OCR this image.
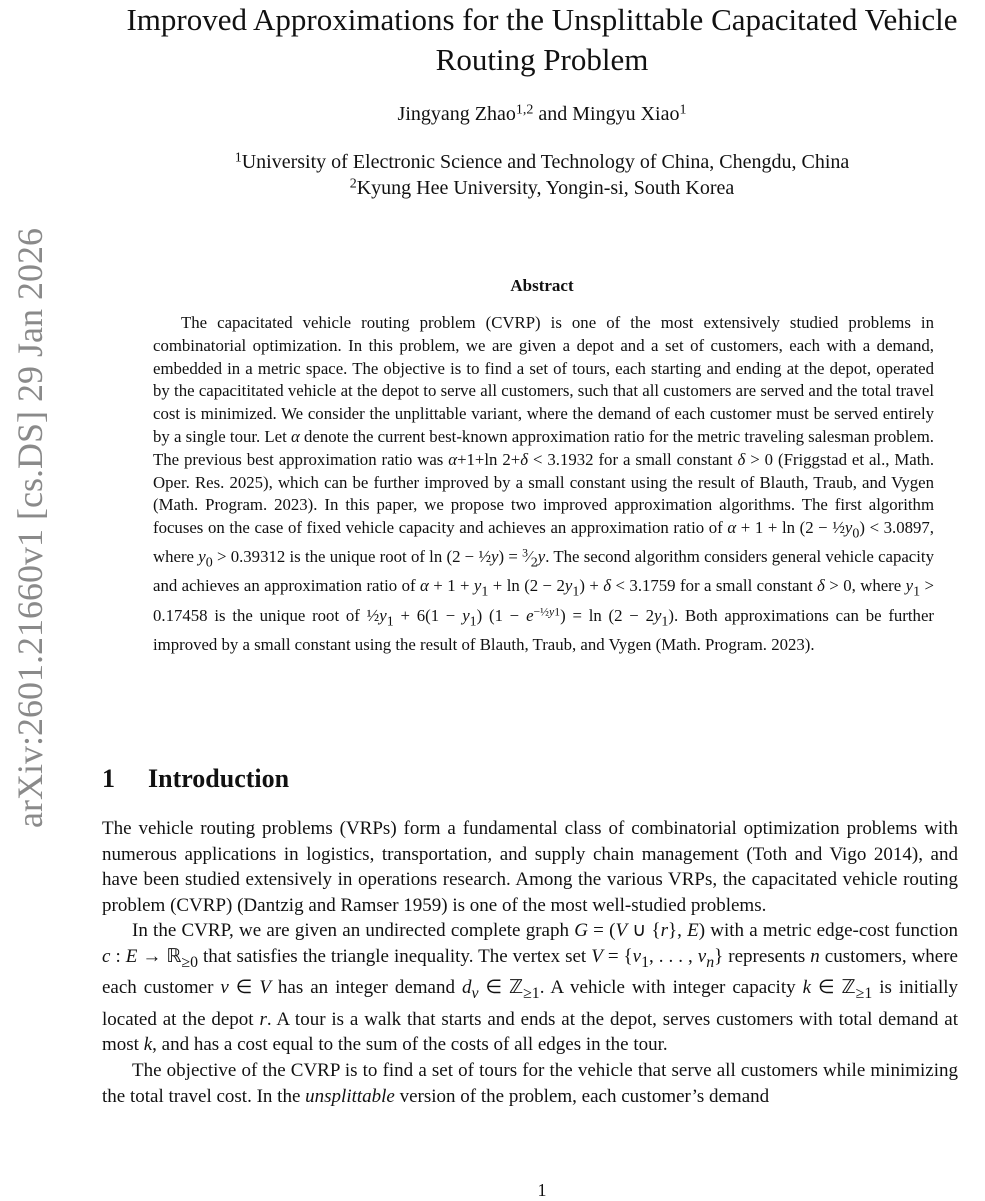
arXiv:2601.21660v1 [cs.DS] 29 Jan 2026
Improved Approximations for the Unsplittable Capacitated Vehicle
Routing Problem
Jingyang Zhao$^{1,2}$ and Mingyu Xiao$^1$
$^1$University of Electronic Science and Technology of China, Chengdu, China
$^2$Kyung Hee University, Yongin-si, South Korea
Abstract

The capacitated vehicle routing problem (CVRP) is one of the most extensively studied problems in combinatorial optimization. In this problem, we are given a depot and a set of customers, each with a demand, embedded in a metric space. The objective is to find a set of tours, each starting and ending at the depot, operated by the capacititated vehicle at the depot to serve all customers, such that all customers are served and the total travel cost is minimized. We consider the unplittable variant, where the demand of each customer must be served entirely by a single tour. Let α denote the current best-known approximation ratio for the metric traveling salesman problem. The previous best approximation ratio was α+1+ln 2+δ < 3.1932 for a small constant δ > 0 (Friggstad et al., Math. Oper. Res. 2025), which can be further improved by a small constant using the result of Blauth, Traub, and Vygen (Math. Program. 2023). In this paper, we propose two improved approximation algorithms. The first algorithm focuses on the case of fixed vehicle capacity and achieves an approximation ratio of $\alpha + 1 + \ln (2 - \frac{1}{2}y_0) < 3.0897$, where $y_0 > 0.39312$ is the unique root of ln (2 − ½y) = $^3⁄_2y$. The second algorithm considers general vehicle capacity and achieves an approximation ratio of $\alpha + 1 + y_1 + \ln (2 - 2y_1) + \delta < 3.1759$ for a small constant δ > 0, where $y_1 > 0.17458$ is the unique root of $\frac{1}{2}y_1 + 6(1 - y_1) (1 - e^{-\frac{1}{2}y1}) = \ln (2 - 2y_1)$. Both approximations can be further improved by a small constant using the result of Blauth, Traub, and Vygen (Math. Program. 2023).

1 Introduction

The vehicle routing problems (VRPs) form a fundamental class of combinatorial optimization problems with numerous applications in logistics, transportation, and supply chain management (Toth and Vigo 2014), and have been studied extensively in operations research. Among the various VRPs, the capacitated vehicle routing problem (CVRP) (Dantzig and Ramser 1959) is one of the most well-studied problems.

In the CVRP, we are given an undirected complete graph G = (V ∪ {r}, E) with a metric edge-cost function c : E → ℝ$_{\ge 0}$ that satisfies the triangle inequality. The vertex set $V = \{v_1$, . . . , $v_n$} represents n customers, where each customer v ∈ V has an integer demand $d_v$ ∈ ℤ$_{\ge 1}$. A vehicle with integer capacity k ∈ ℤ$_{\ge 1}$ is initially located at the depot r. A tour is a walk that starts and ends at the depot, serves customers with total demand at most k, and has a cost equal to the sum of the costs of all edges in the tour.

The objective of the CVRP is to find a set of tours for the vehicle that serve all customers while minimizing the total travel cost. In the unsplittable version of the problem, each customer’s demand

1
